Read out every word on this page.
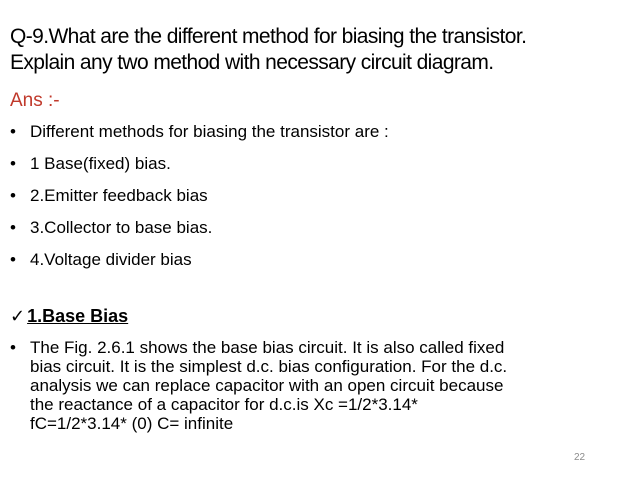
Q-9.What are the different method for biasing the transistor.
Explain any two method with necessary circuit diagram.
Ans :-
• Different methods for biasing the transistor are :
• 1 Base(fixed) bias.
• 2.Emitter feedback bias
• 3.Collector to base bias.
• 4.Voltage divider bias
✓ 1.Base Bias
• The Fig. 2.6.1 shows the base bias circuit. It is also called fixed
bias circuit. It is the simplest d.c. bias configuration. For the d.c.
analysis we can replace capacitor with an open circuit because
the reactance of a capacitor for d.c.is Xc =1/2*3.14*
fC=1/2*3.14* (0) C= infinite
22
